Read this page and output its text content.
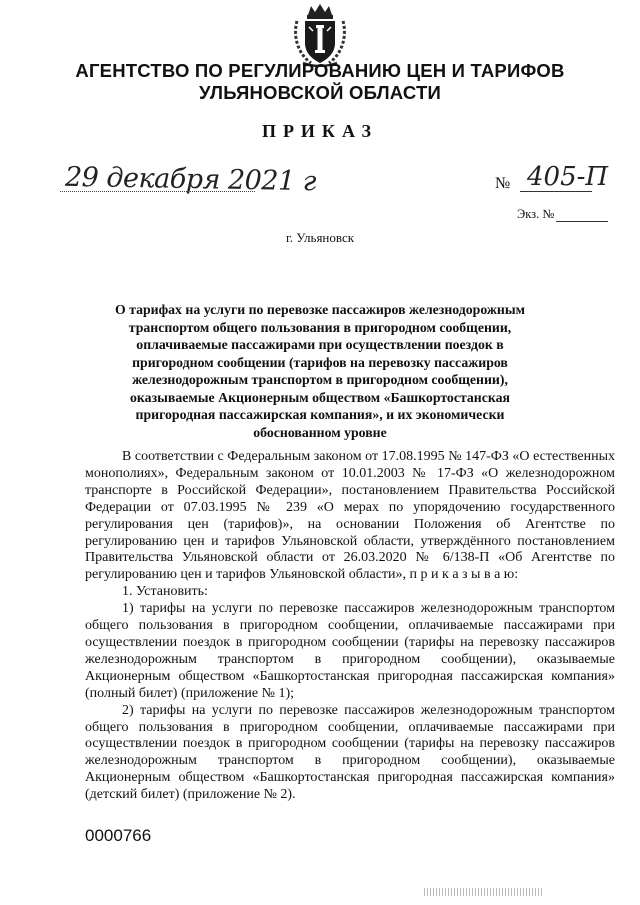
АГЕНТСТВО ПО РЕГУЛИРОВАНИЮ ЦЕН И ТАРИФОВ
УЛЬЯНОВСКОЙ ОБЛАСТИ
ПРИКАЗ
29 декабря 2021 г	№ 405-П
Экз. №
г. Ульяновск
О тарифах на услуги по перевозке пассажиров железнодорожным транспортом общего пользования в пригородном сообщении, оплачиваемые пассажирами при осуществлении поездок в пригородном сообщении (тарифов на перевозку пассажиров железнодорожным транспортом в пригородном сообщении), оказываемые Акционерным обществом «Башкортостанская пригородная пассажирская компания», и их экономически обоснованном уровне

В соответствии с Федеральным законом от 17.08.1995 № 147-ФЗ «О естественных монополиях», Федеральным законом от 10.01.2003 № 17-ФЗ «О железнодорожном транспорте в Российской Федерации», постановлением Правительства Российской Федерации от 07.03.1995 № 239 «О мерах по упорядочению государственного регулирования цен (тарифов)», на основании Положения об Агентстве по регулированию цен и тарифов Ульяновской области, утверждённого постановлением Правительства Ульяновской области от 26.03.2020 № 6/138-П «Об Агентстве по регулированию цен и тарифов Ульяновской области», п р и к а з ы в а ю:

1. Установить:

1) тарифы на услуги по перевозке пассажиров железнодорожным транспортом общего пользования в пригородном сообщении, оплачиваемые пассажирами при осуществлении поездок в пригородном сообщении (тарифы на перевозку пассажиров железнодорожным транспортом в пригородном сообщении), оказываемые Акционерным обществом «Башкортостанская пригородная пассажирская компания» (полный билет) (приложение № 1);

2) тарифы на услуги по перевозке пассажиров железнодорожным транспортом общего пользования в пригородном сообщении, оплачиваемые пассажирами при осуществлении поездок в пригородном сообщении (тарифы на перевозку пассажиров железнодорожным транспортом в пригородном сообщении), оказываемые Акционерным обществом «Башкортостанская пригородная пассажирская компания» (детский билет) (приложение № 2).

0000766
